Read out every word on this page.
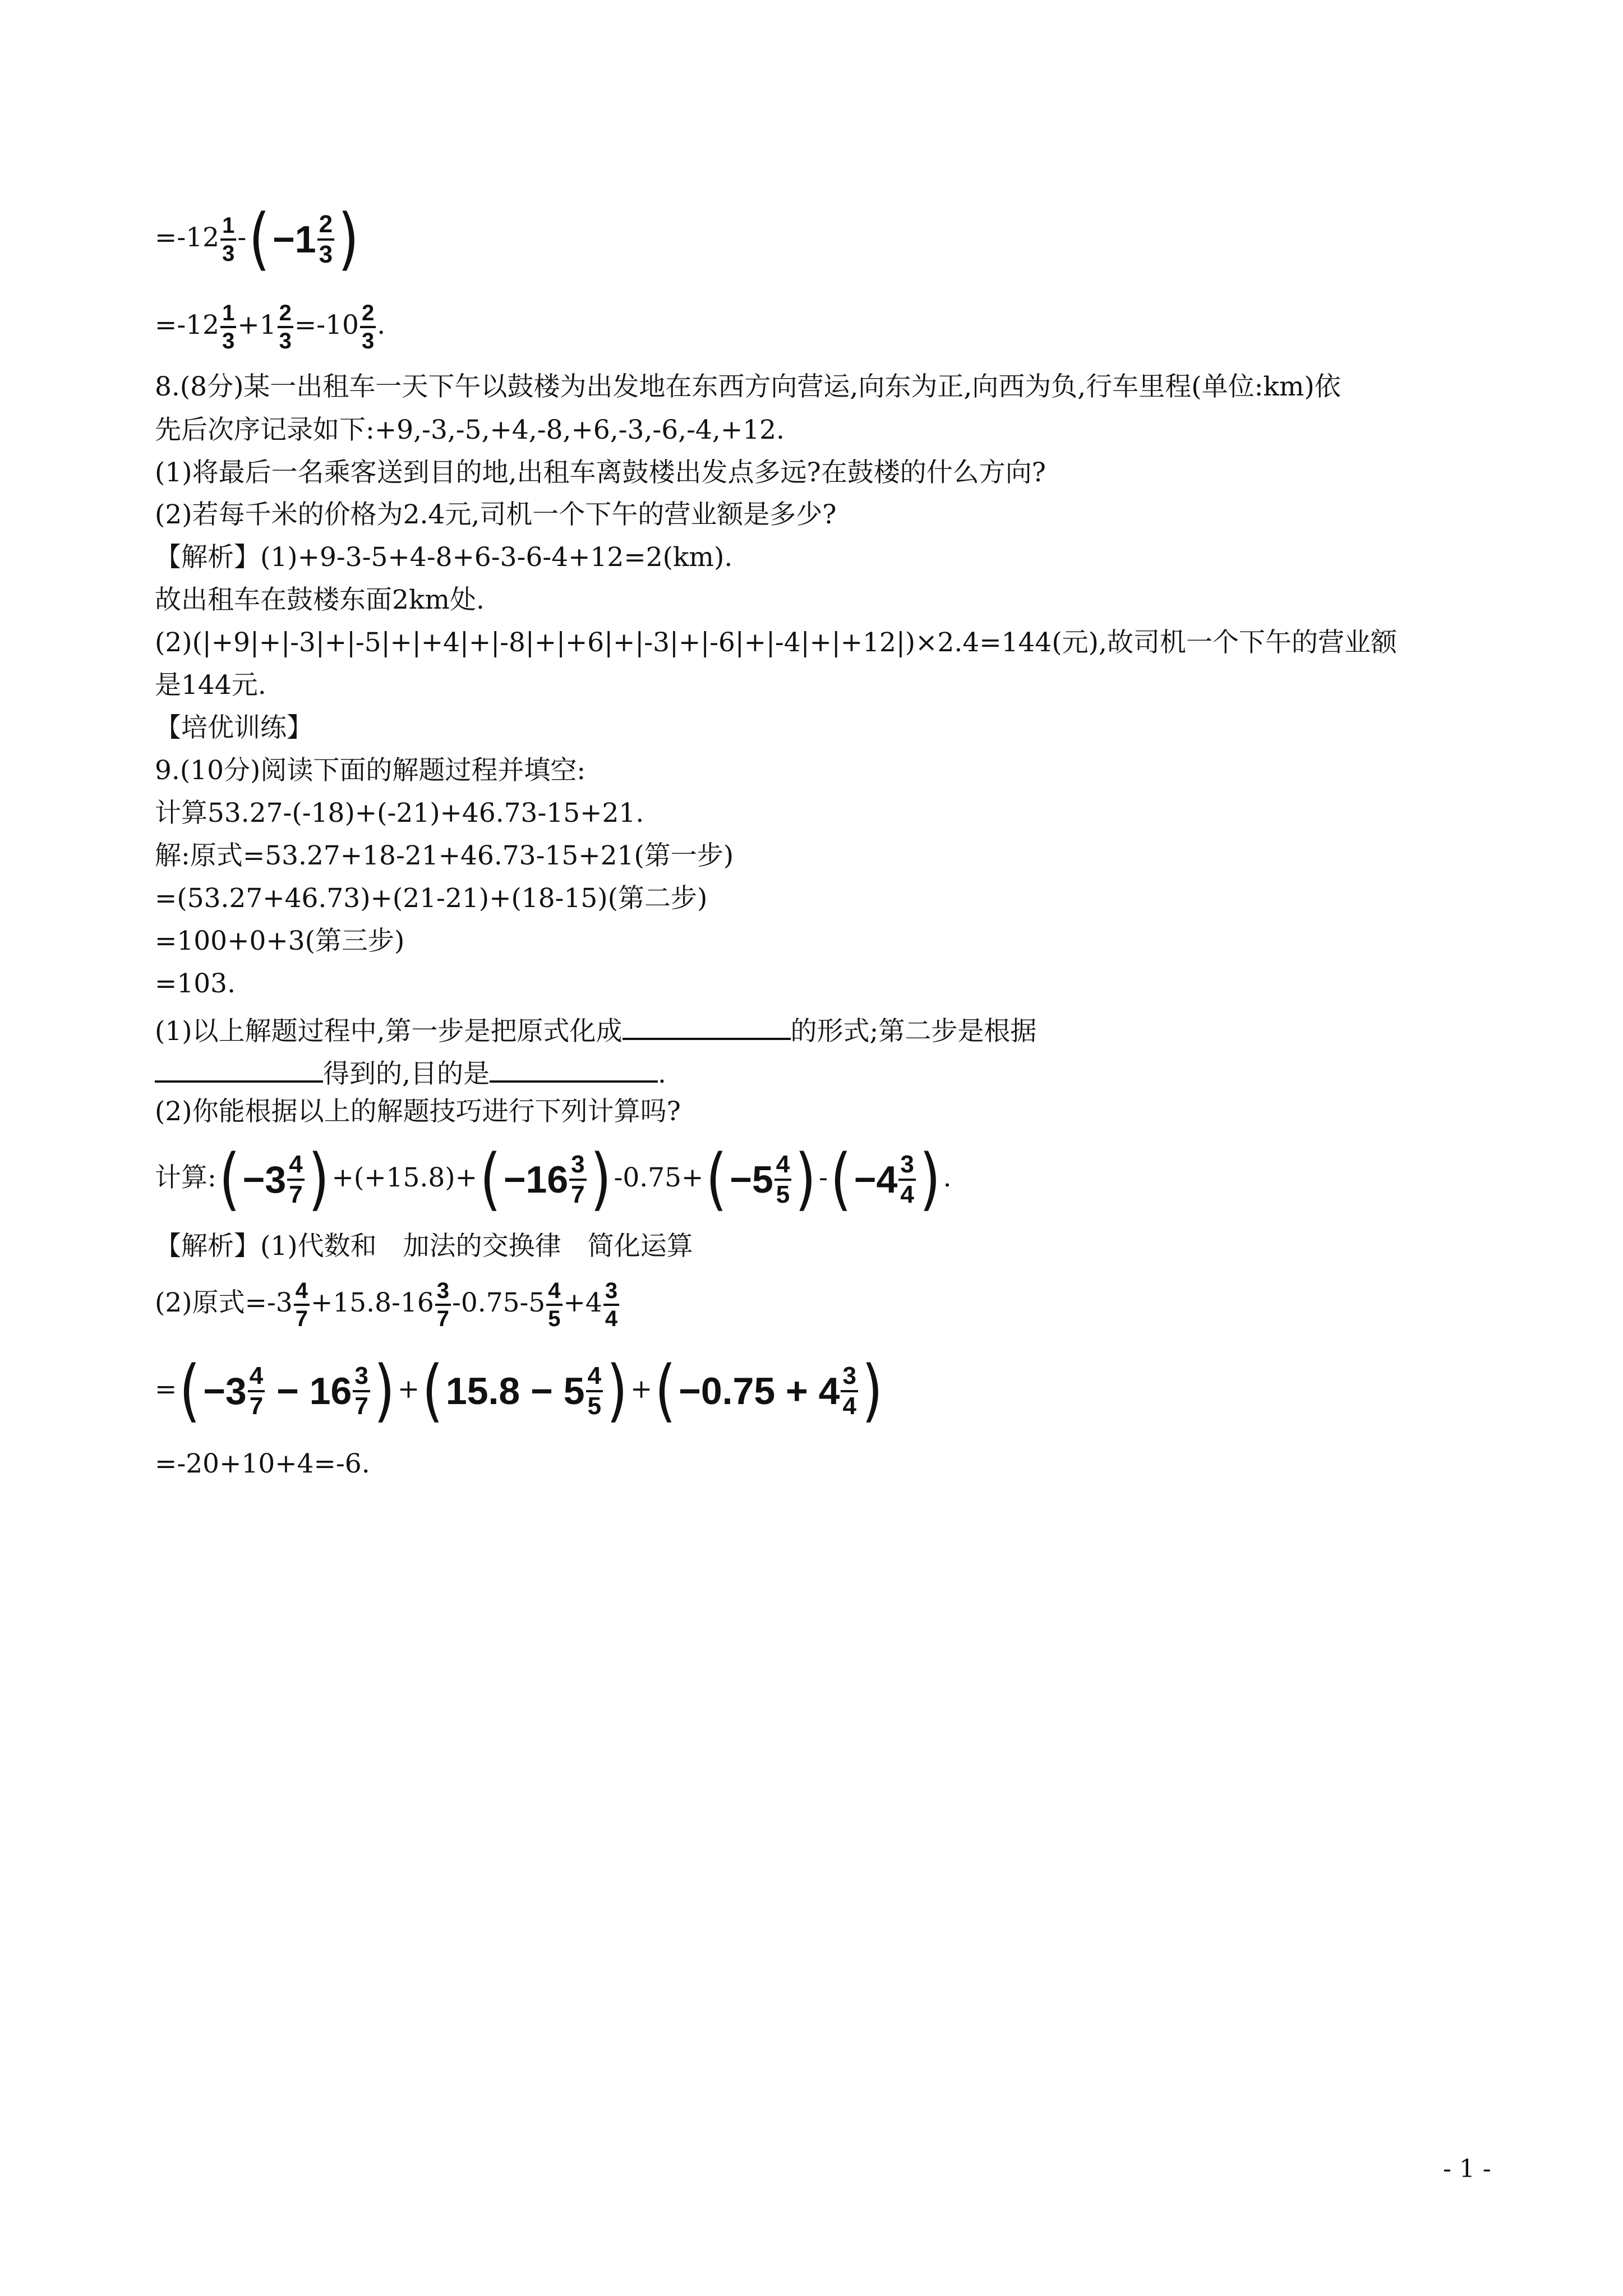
$=-12 \frac{1}{3}$ -( $-1 \frac{2}{3}$ )
$=-12 \frac{1}{3} +1 \frac{2}{3} =-10 \frac{2}{3}$ .
8.(8分)某一出租车一天下午以鼓楼为出发地在东西方向营运,向东为正,向西为负,行车里程(单位:km)依
先后次序记录如下:+9,-3,-5,+4,-8,+6,-3,-6,-4,+12.
(1)将最后一名乘客送到目的地,出租车离鼓楼出发点多远?在鼓楼的什么方向?
(2)若每千米的价格为2.4元,司机一个下午的营业额是多少?
【解析】(1)+9-3-5+4-8+6-3-6-4+12=2(km).
故出租车在鼓楼东面2km处.
(2)(|+9|+|-3|+|-5|+|+4|+|-8|+|+6|+|-3|+|-6|+|-4|+|+12|)×2.4=144(元),故司机一个下午的营业额
是144元.
【培优训练】
9.(10分)阅读下面的解题过程并填空:
计算53.27-(-18)+(-21)+46.73-15+21.
解:原式=53.27+18-21+46.73-15+21(第一步)
=(53.27+46.73)+(21-21)+(18-15)(第二步)
=100+0+3(第三步)
=103.
(1)以上解题过程中,第一步是把原式化成	的形式;第二步是根据
得到的,目的是	.
(2)你能根据以上的解题技巧进行下列计算吗?
计算:( $-3 \frac{4}{7} )+(+15.8)+( -16 \frac{3}{7} )-0.75+( -5 \frac{4}{5}$ )-( $-4 \frac{3}{4}$ ).
【解析】(1)代数和　加法的交换律　简化运算
(2)原式$=-3 \frac{4}{7} +15.8-16 \frac{3}{7} -0.75-5 \frac{4}{5} +4 \frac{3}{4}$
=( $-3 \frac{4}{7} - 16 \frac{3}{7}$ )+( $15.8 - 5 \frac{4}{5}$ )+( $-0.75 + 4 \frac{3}{4}$ )
=-20+10+4=-6.
- 1 -
